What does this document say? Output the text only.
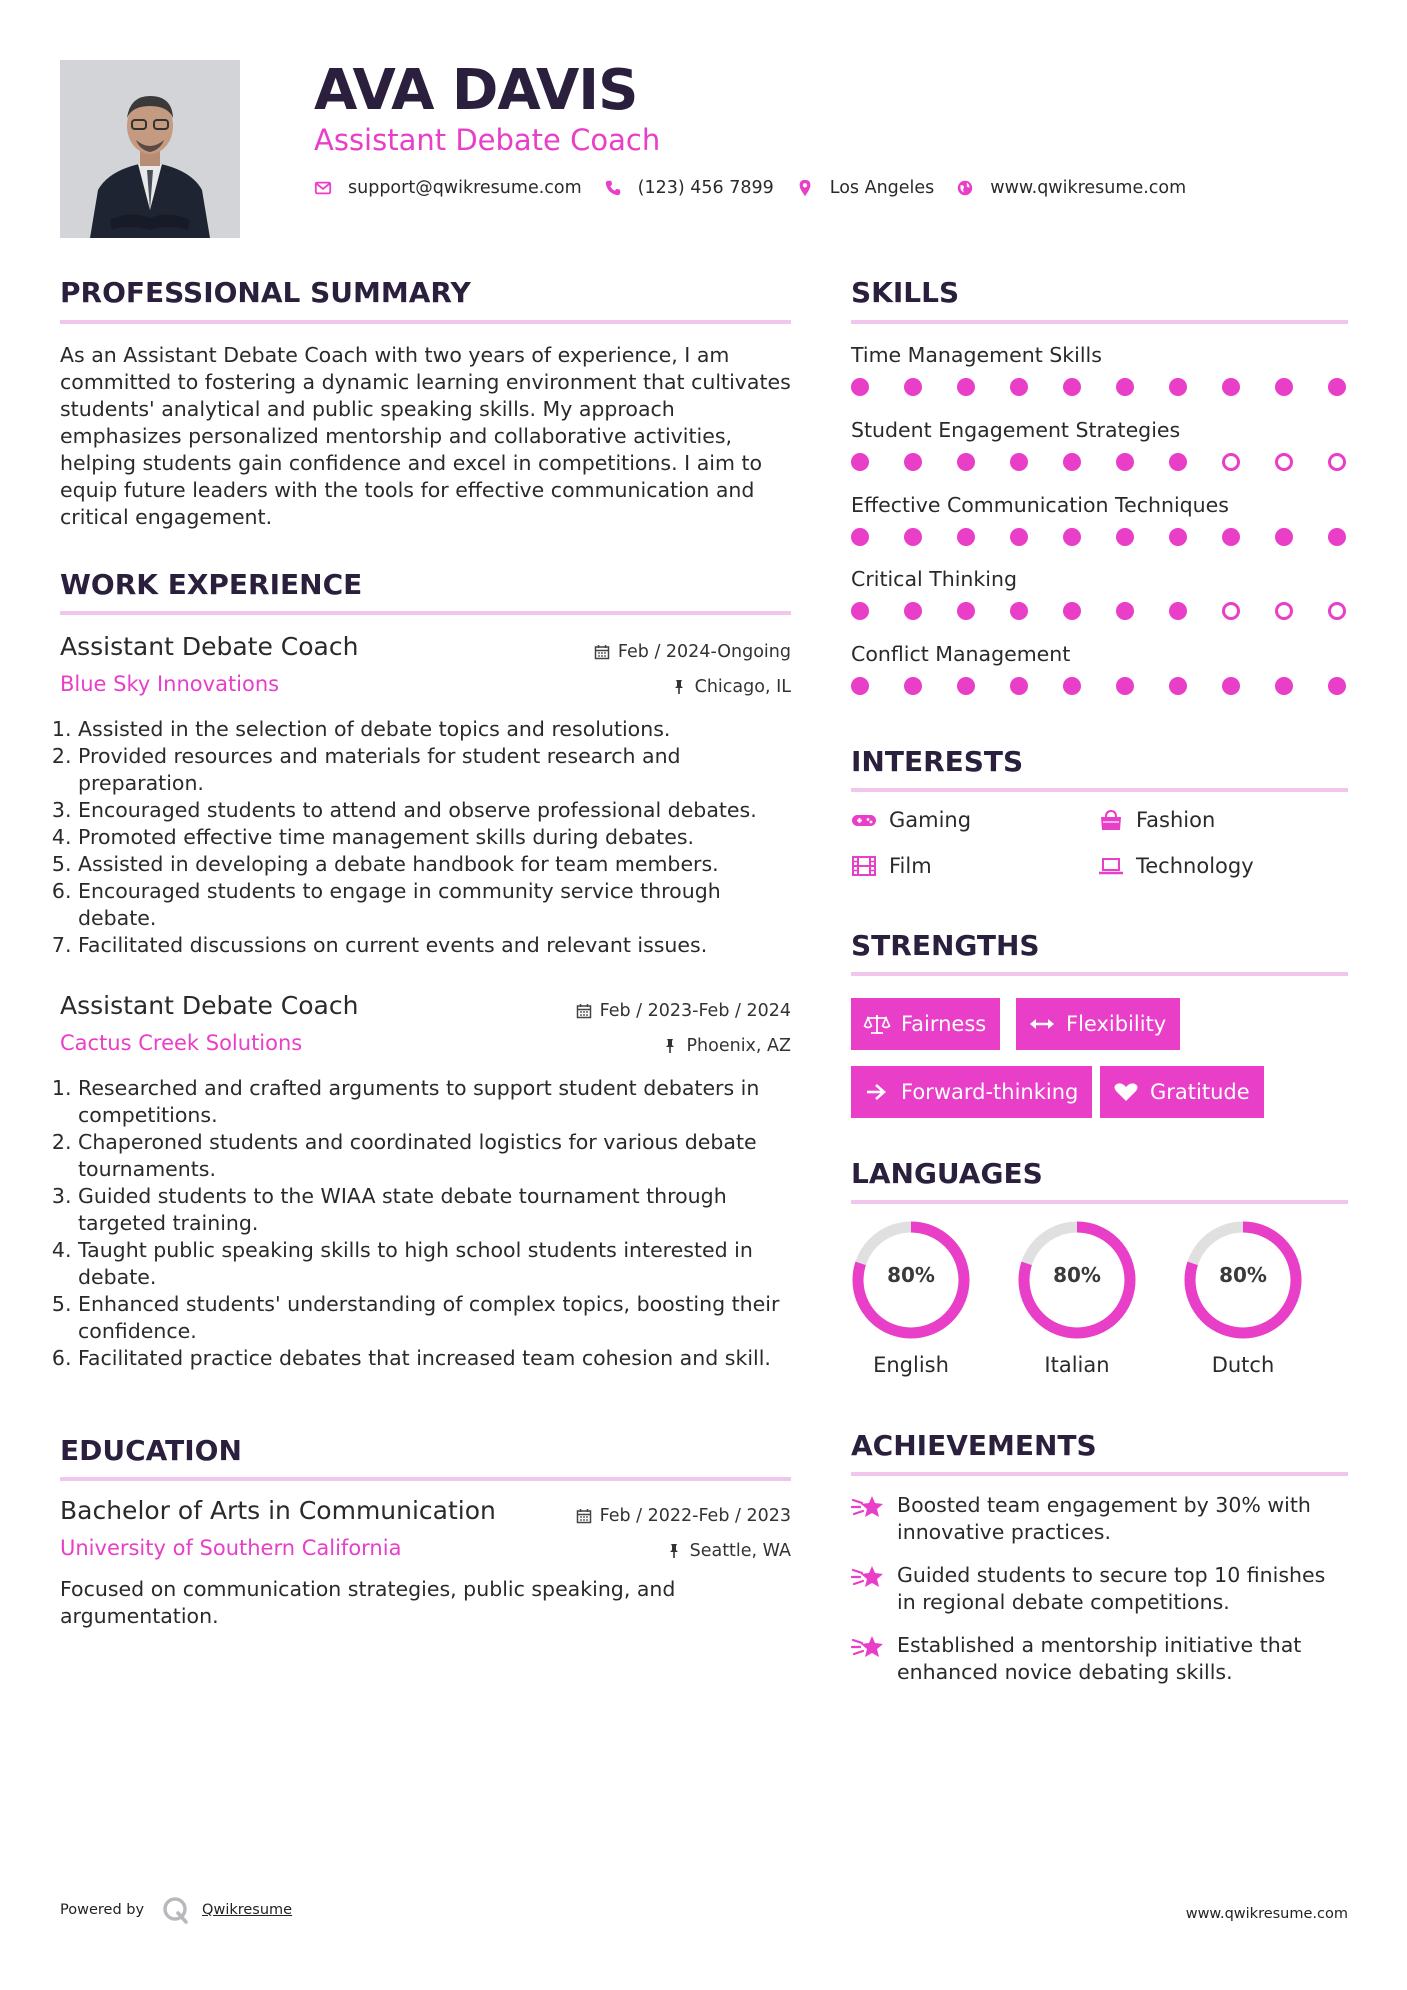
AVA DAVIS
Assistant Debate Coach
support@qwikresume.com	(123) 456 7899	Los Angeles	www.qwikresume.com
PROFESSIONAL SUMMARY
As an Assistant Debate Coach with two years of experience, I am committed to fostering a dynamic learning environment that cultivates students' analytical and public speaking skills. My approach emphasizes personalized mentorship and collaborative activities, helping students gain confidence and excel in competitions. I aim to equip future leaders with the tools for effective communication and critical engagement.
WORK EXPERIENCE
Assistant Debate Coach	Feb / 2024-Ongoing
Blue Sky Innovations	Chicago, IL
1. Assisted in the selection of debate topics and resolutions.
2. Provided resources and materials for student research and preparation.
3. Encouraged students to attend and observe professional debates.
4. Promoted effective time management skills during debates.
5. Assisted in developing a debate handbook for team members.
6. Encouraged students to engage in community service through debate.
7. Facilitated discussions on current events and relevant issues.
Assistant Debate Coach	Feb / 2023-Feb / 2024
Cactus Creek Solutions	Phoenix, AZ
1. Researched and crafted arguments to support student debaters in competitions.
2. Chaperoned students and coordinated logistics for various debate tournaments.
3. Guided students to the WIAA state debate tournament through targeted training.
4. Taught public speaking skills to high school students interested in debate.
5. Enhanced students' understanding of complex topics, boosting their confidence.
6. Facilitated practice debates that increased team cohesion and skill.
EDUCATION
Bachelor of Arts in Communication	Feb / 2022-Feb / 2023
University of Southern California	Seattle, WA
Focused on communication strategies, public speaking, and argumentation.
SKILLS
Time Management Skills
Student Engagement Strategies
Effective Communication Techniques
Critical Thinking
Conflict Management
INTERESTS
Gaming	Fashion
Film	Technology
STRENGTHS
Fairness	Flexibility
Forward-thinking	Gratitude
LANGUAGES
80%
English
80%
Italian
80%
Dutch
ACHIEVEMENTS
Boosted team engagement by 30% with innovative practices.
Guided students to secure top 10 finishes in regional debate competitions.
Established a mentorship initiative that enhanced novice debating skills.
Powered by	Qwikresume	www.qwikresume.com
